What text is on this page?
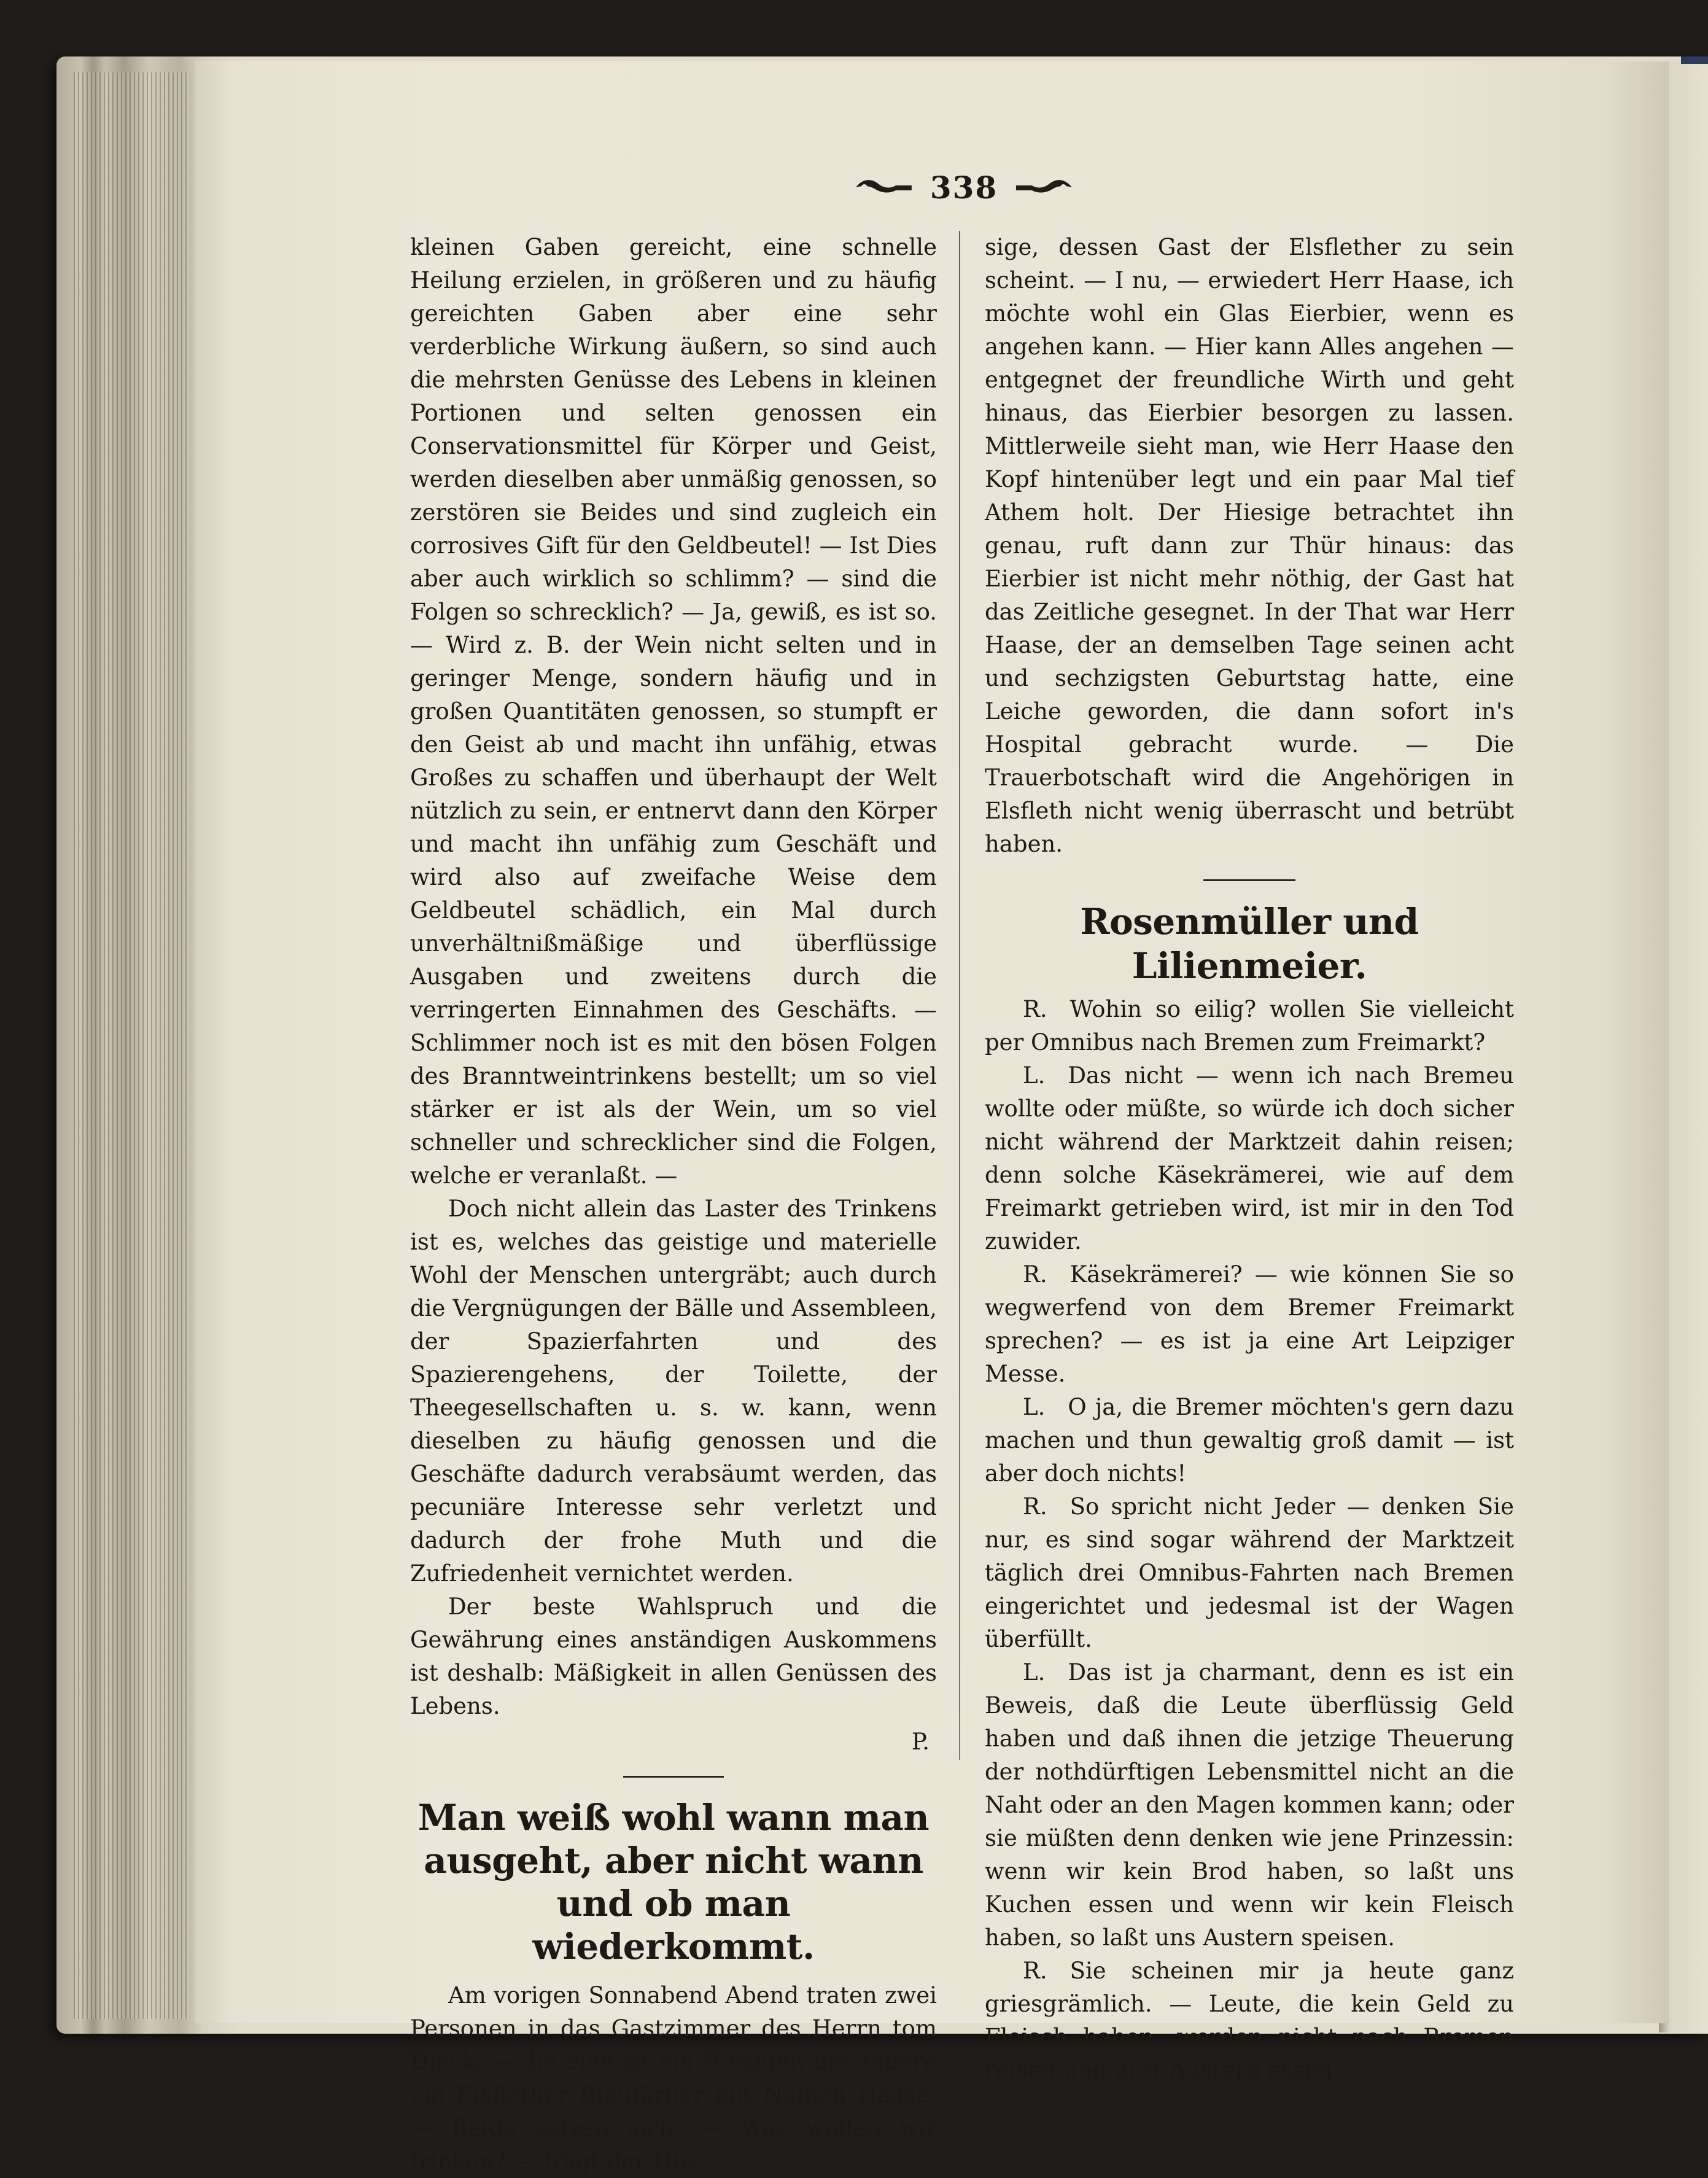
338

kleinen Gaben gereicht, eine schnelle Heilung erzielen, in größeren und zu häufig gereichten Gaben aber eine sehr verderbliche Wirkung äußern, so sind auch die mehrsten Genüsse des Lebens in kleinen Portionen und selten genossen ein Conservationsmittel für Körper und Geist, werden dieselben aber unmäßig genossen, so zerstören sie Beides und sind zugleich ein corrosives Gift für den Geldbeutel! — Ist Dies aber auch wirklich so schlimm? — sind die Folgen so schrecklich? — Ja, gewiß, es ist so. — Wird z. B. der Wein nicht selten und in geringer Menge, sondern häufig und in großen Quantitäten genossen, so stumpft er den Geist ab und macht ihn unfähig, etwas Großes zu schaffen und überhaupt der Welt nützlich zu sein, er entnervt dann den Körper und macht ihn unfähig zum Geschäft und wird also auf zweifache Weise dem Geldbeutel schädlich, ein Mal durch unverhältnißmäßige und überflüssige Ausgaben und zweitens durch die verringerten Einnahmen des Geschäfts. — Schlimmer noch ist es mit den bösen Folgen des Branntweintrinkens bestellt; um so viel stärker er ist als der Wein, um so viel schneller und schrecklicher sind die Folgen, welche er veranlaßt. —

Doch nicht allein das Laster des Trinkens ist es, welches das geistige und materielle Wohl der Menschen untergräbt; auch durch die Vergnügungen der Bälle und Assembleen, der Spazierfahrten und des Spazierengehens, der Toilette, der Theegesellschaften u. s. w. kann, wenn dieselben zu häufig genossen und die Geschäfte dadurch verabsäumt werden, das pecuniäre Interesse sehr verletzt und dadurch der frohe Muth und die Zufriedenheit vernichtet werden.

Der beste Wahlspruch und die Gewährung eines anständigen Auskommens ist deshalb: Mäßigkeit in allen Genüssen des Lebens.

P.

Man weiß wohl wann man ausgeht, aber nicht wann und ob man wiederkommt.

Am vorigen Sonnabend Abend traten zwei Personen in das Gastzimmer des Herrn tom Dieck; — die eine ist ein Hiesiger, die andere ein Elsflether Blaufärber mit Namen Haase; — Beide setzen sich. — Was wollen wir trinken? — frägt der Hie-

sige, dessen Gast der Elsflether zu sein scheint. — I nu, — erwiedert Herr Haase, ich möchte wohl ein Glas Eierbier, wenn es angehen kann. — Hier kann Alles angehen — entgegnet der freundliche Wirth und geht hinaus, das Eierbier besorgen zu lassen. Mittlerweile sieht man, wie Herr Haase den Kopf hintenüber legt und ein paar Mal tief Athem holt. Der Hiesige betrachtet ihn genau, ruft dann zur Thür hinaus: das Eierbier ist nicht mehr nöthig, der Gast hat das Zeitliche gesegnet. In der That war Herr Haase, der an demselben Tage seinen acht und sechzigsten Geburtstag hatte, eine Leiche geworden, die dann sofort in's Hospital gebracht wurde. — Die Trauerbotschaft wird die Angehörigen in Elsfleth nicht wenig überrascht und betrübt haben.

Rosenmüller und Lilienmeier.

R.  Wohin so eilig? wollen Sie vielleicht per Omnibus nach Bremen zum Freimarkt?

L.  Das nicht — wenn ich nach Bremeu wollte oder müßte, so würde ich doch sicher nicht während der Marktzeit dahin reisen; denn solche Käsekrämerei, wie auf dem Freimarkt getrieben wird, ist mir in den Tod zuwider.

R.  Käsekrämerei? — wie können Sie so wegwerfend von dem Bremer Freimarkt sprechen? — es ist ja eine Art Leipziger Messe.

L.  O ja, die Bremer möchten's gern dazu machen und thun gewaltig groß damit — ist aber doch nichts!

R.  So spricht nicht Jeder — denken Sie nur, es sind sogar während der Marktzeit täglich drei Omnibus-Fahrten nach Bremen eingerichtet und jedesmal ist der Wagen überfüllt.

L.  Das ist ja charmant, denn es ist ein Beweis, daß die Leute überflüssig Geld haben und daß ihnen die jetzige Theuerung der nothdürftigen Lebensmittel nicht an die Naht oder an den Magen kommen kann; oder sie müßten denn denken wie jene Prinzessin: wenn wir kein Brod haben, so laßt uns Kuchen essen und wenn wir kein Fleisch haben, so laßt uns Austern speisen.

R.  Sie scheinen mir ja heute ganz griesgrämlich. — Leute, die kein Geld zu Fleisch haben, werden nicht nach Bremen reisen und dort Austern essen.
